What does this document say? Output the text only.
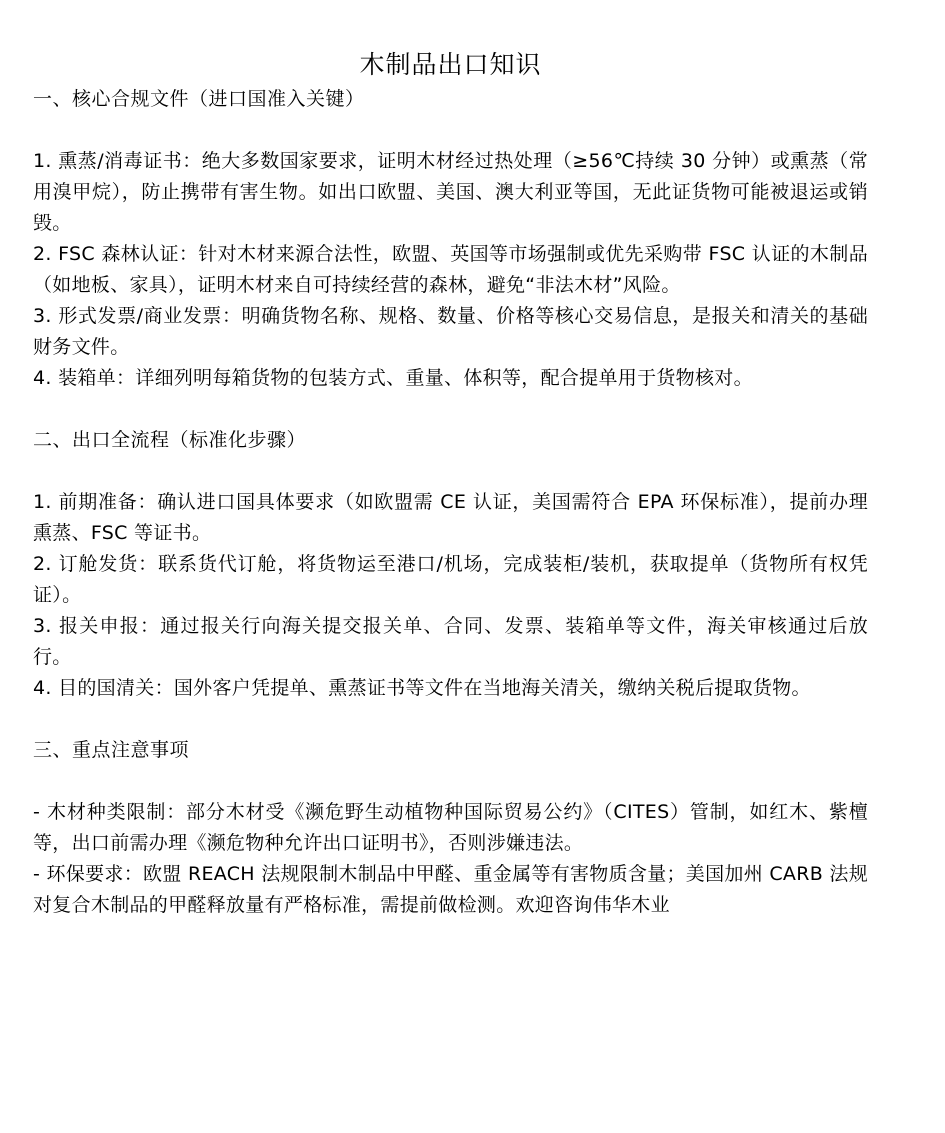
木制品出口知识
一、核心合规文件（进口国准入关键）
1. 熏蒸/消毒证书：绝大多数国家要求，证明木材经过热处理（≥56℃持续 30 分钟）或熏蒸（常用溴甲烷），防止携带有害生物。如出口欧盟、美国、澳大利亚等国，无此证货物可能被退运或销毁。
2. FSC 森林认证：针对木材来源合法性，欧盟、英国等市场强制或优先采购带 FSC 认证的木制品（如地板、家具），证明木材来自可持续经营的森林，避免“非法木材”风险。
3. 形式发票/商业发票：明确货物名称、规格、数量、价格等核心交易信息，是报关和清关的基础财务文件。
4. 装箱单：详细列明每箱货物的包装方式、重量、体积等，配合提单用于货物核对。
二、出口全流程（标准化步骤）
1. 前期准备：确认进口国具体要求（如欧盟需 CE 认证，美国需符合 EPA 环保标准），提前办理熏蒸、FSC 等证书。
2. 订舱发货：联系货代订舱，将货物运至港口/机场，完成装柜/装机，获取提单（货物所有权凭证）。
3. 报关申报：通过报关行向海关提交报关单、合同、发票、装箱单等文件，海关审核通过后放行。
4. 目的国清关：国外客户凭提单、熏蒸证书等文件在当地海关清关，缴纳关税后提取货物。
三、重点注意事项
- 木材种类限制：部分木材受《濒危野生动植物种国际贸易公约》（CITES）管制，如红木、紫檀等，出口前需办理《濒危物种允许出口证明书》，否则涉嫌违法。
- 环保要求：欧盟 REACH 法规限制木制品中甲醛、重金属等有害物质含量；美国加州 CARB 法规对复合木制品的甲醛释放量有严格标准，需提前做检测。欢迎咨询伟华木业
